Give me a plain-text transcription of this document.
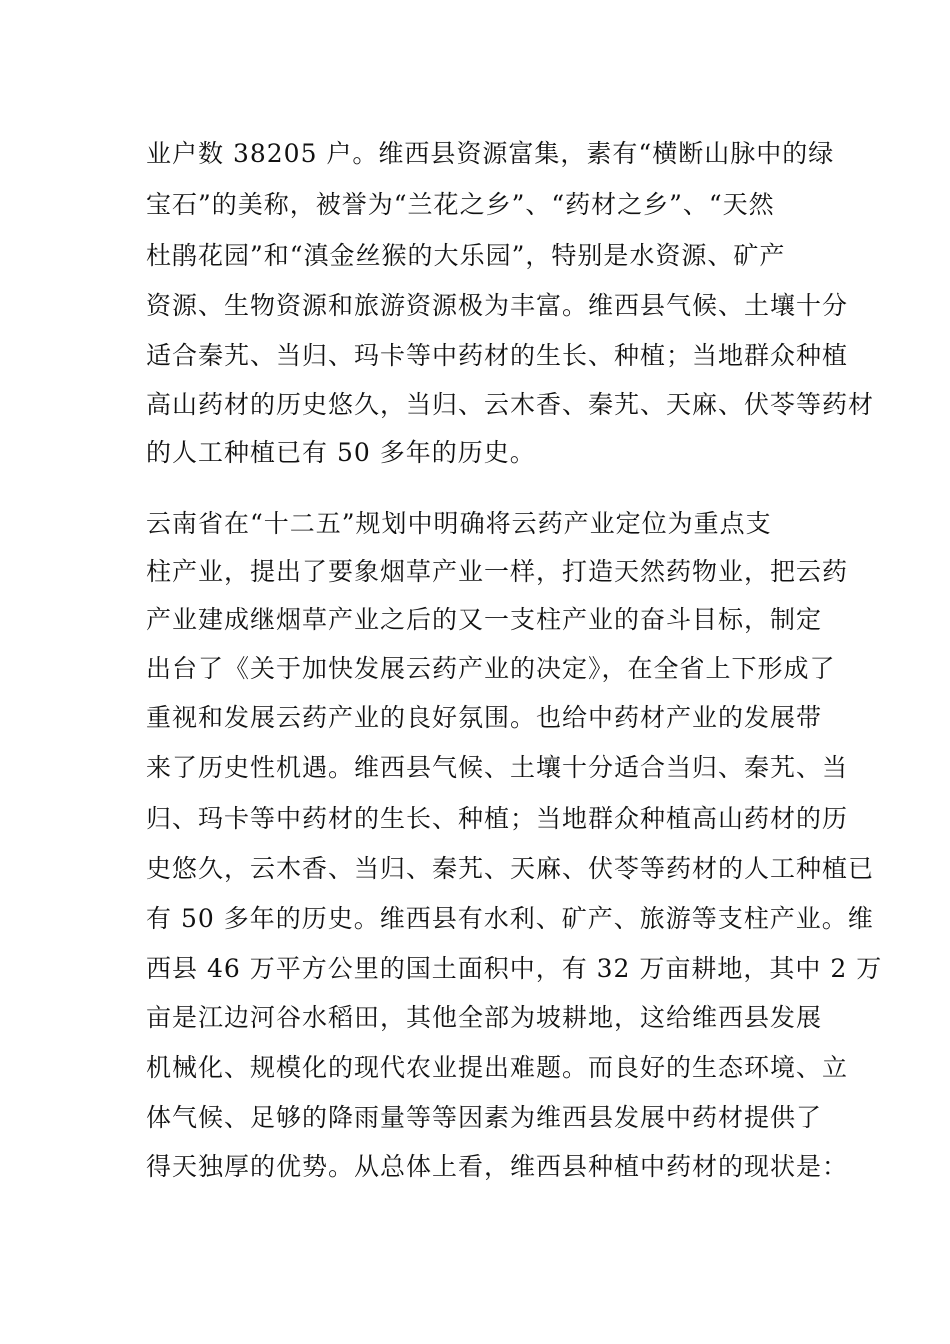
业户数 38205 户。维西县资源富集，素有“横断山脉中的绿
宝石”的美称，被誉为“兰花之乡”、“药材之乡”、“天然
杜鹃花园”和“滇金丝猴的大乐园”，特别是水资源、矿产
资源、生物资源和旅游资源极为丰富。维西县气候、土壤十分
适合秦艽、当归、玛卡等中药材的生长、种植；当地群众种植
高山药材的历史悠久，当归、云木香、秦艽、天麻、伏苓等药材
的人工种植已有 50 多年的历史。
云南省在“十二五”规划中明确将云药产业定位为重点支
柱产业，提出了要象烟草产业一样，打造天然药物业，把云药
产业建成继烟草产业之后的又一支柱产业的奋斗目标，制定
出台了《关于加快发展云药产业的决定》，在全省上下形成了
重视和发展云药产业的良好氛围。也给中药材产业的发展带
来了历史性机遇。维西县气候、土壤十分适合当归、秦艽、当
归、玛卡等中药材的生长、种植；当地群众种植高山药材的历
史悠久，云木香、当归、秦艽、天麻、伏苓等药材的人工种植已
有 50 多年的历史。维西县有水利、矿产、旅游等支柱产业。维
西县 46 万平方公里的国土面积中，有 32 万亩耕地，其中 2 万
亩是江边河谷水稻田，其他全部为坡耕地，这给维西县发展
机械化、规模化的现代农业提出难题。而良好的生态环境、立
体气候、足够的降雨量等等因素为维西县发展中药材提供了
得天独厚的优势。从总体上看，维西县种植中药材的现状是：
